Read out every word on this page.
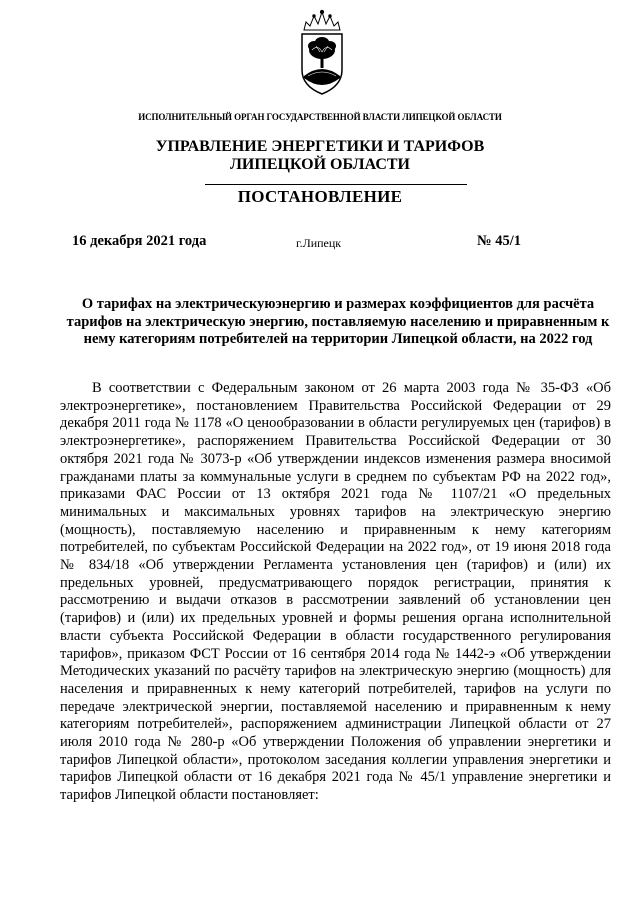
ИСПОЛНИТЕЛЬНЫЙ ОРГАН ГОСУДАРСТВЕННОЙ ВЛАСТИ ЛИПЕЦКОЙ ОБЛАСТИ
УПРАВЛЕНИЕ ЭНЕРГЕТИКИ И ТАРИФОВ
ЛИПЕЦКОЙ ОБЛАСТИ
ПОСТАНОВЛЕНИЕ
16 декабря 2021 года	г.Липецк	№ 45/1
О тарифах на электрическуюэнергию и размерах коэффициентов для расчёта тарифов на электрическую энергию, поставляемую населению и приравненным к нему категориям потребителей на территории Липецкой области, на 2022 год

В соответствии с Федеральным законом от 26 марта 2003 года № 35-ФЗ «Об электроэнергетике», постановлением Правительства Российской Федерации от 29 декабря 2011 года № 1178 «О ценообразовании в области регулируемых цен (тарифов) в электроэнергетике», распоряжением Правительства Российской Федерации от 30 октября 2021 года № 3073-р «Об утверждении индексов изменения размера вносимой гражданами платы за коммунальные услуги в среднем по субъектам РФ на 2022 год», приказами ФАС России от 13 октября 2021 года № 1107/21 «О предельных минимальных и максимальных уровнях тарифов на электрическую энергию (мощность), поставляемую населению и приравненным к нему категориям потребителей, по субъектам Российской Федерации на 2022 год», от 19 июня 2018 года № 834/18 «Об утверждении Регламента установления цен (тарифов) и (или) их предельных уровней, предусматривающего порядок регистрации, принятия к рассмотрению и выдачи отказов в рассмотрении заявлений об установлении цен (тарифов) и (или) их предельных уровней и формы решения органа исполнительной власти субъекта Российской Федерации в области государственного регулирования тарифов», приказом ФСТ России от 16 сентября 2014 года № 1442-э «Об утверждении Методических указаний по расчёту тарифов на электрическую энергию (мощность) для населения и приравненных к нему категорий потребителей, тарифов на услуги по передаче электрической энергии, поставляемой населению и приравненным к нему категориям потребителей», распоряжением администрации Липецкой области от 27 июля 2010 года № 280-р «Об утверждении Положения об управлении энергетики и тарифов Липецкой области», протоколом заседания коллегии управления энергетики и тарифов Липецкой области от 16 декабря 2021 года № 45/1 управление энергетики и тарифов Липецкой области постановляет:
